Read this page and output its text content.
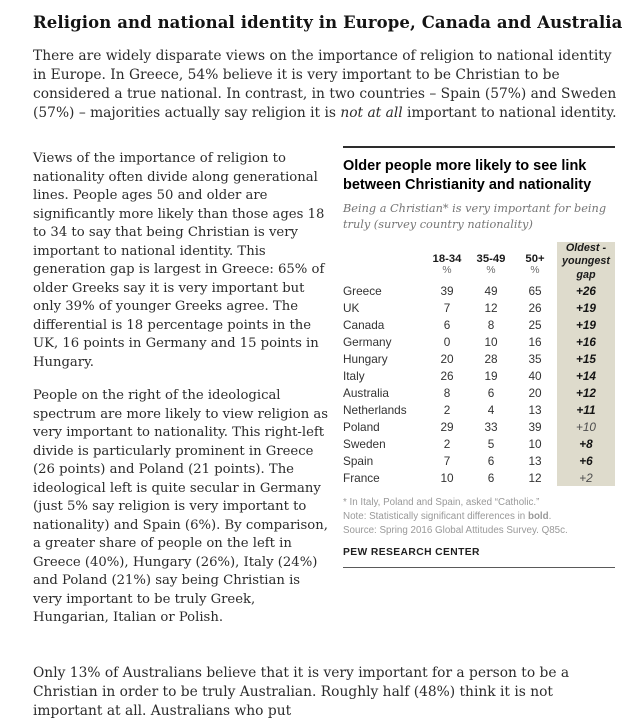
Religion and national identity in Europe, Canada and Australia

There are widely disparate views on the importance of religion to national identity in Europe. In Greece, 54% believe it is very important to be Christian to be considered a true national. In contrast, in two countries – Spain (57%) and Sweden (57%) – majorities actually say religion it is not at all important to national identity.

Views of the importance of religion to nationality often divide along generational lines. People ages 50 and older are significantly more likely than those ages 18 to 34 to say that being Christian is very important to national identity. This generation gap is largest in Greece: 65% of older Greeks say it is very important but only 39% of younger Greeks agree. The differential is 18 percentage points in the UK, 16 points in Germany and 15 points in Hungary.

People on the right of the ideological spectrum are more likely to view religion as very important to nationality. This right-left divide is particularly prominent in Greece (26 points) and Poland (21 points). The ideological left is quite secular in Germany (just 5% say religion is very important to nationality) and Spain (6%). By comparison, a greater share of people on the left in Greece (40%), Hungary (26%), Italy (24%) and Poland (21%) say being Christian is very important to be truly Greek, Hungarian, Italian or Polish.

Older people more likely to see link between Christianity and nationality
Being a Christian* is very important for being truly (survey country nationality)
	18-34	35-49	50+	Oldest - youngest gap
	%	%	%	
Greece	39	49	65	+26
UK	7	12	26	+19
Canada	6	8	25	+19
Germany	0	10	16	+16
Hungary	20	28	35	+15
Italy	26	19	40	+14
Australia	8	6	20	+12
Netherlands	2	4	13	+11
Poland	29	33	39	+10
Sweden	2	5	10	+8
Spain	7	6	13	+6
France	10	6	12	+2
* In Italy, Poland and Spain, asked “Catholic.”
Note: Statistically significant differences in bold.
Source: Spring 2016 Global Attitudes Survey. Q85c.
PEW RESEARCH CENTER

Only 13% of Australians believe that it is very important for a person to be a Christian in order to be truly Australian. Roughly half (48%) think it is not important at all. Australians who put
